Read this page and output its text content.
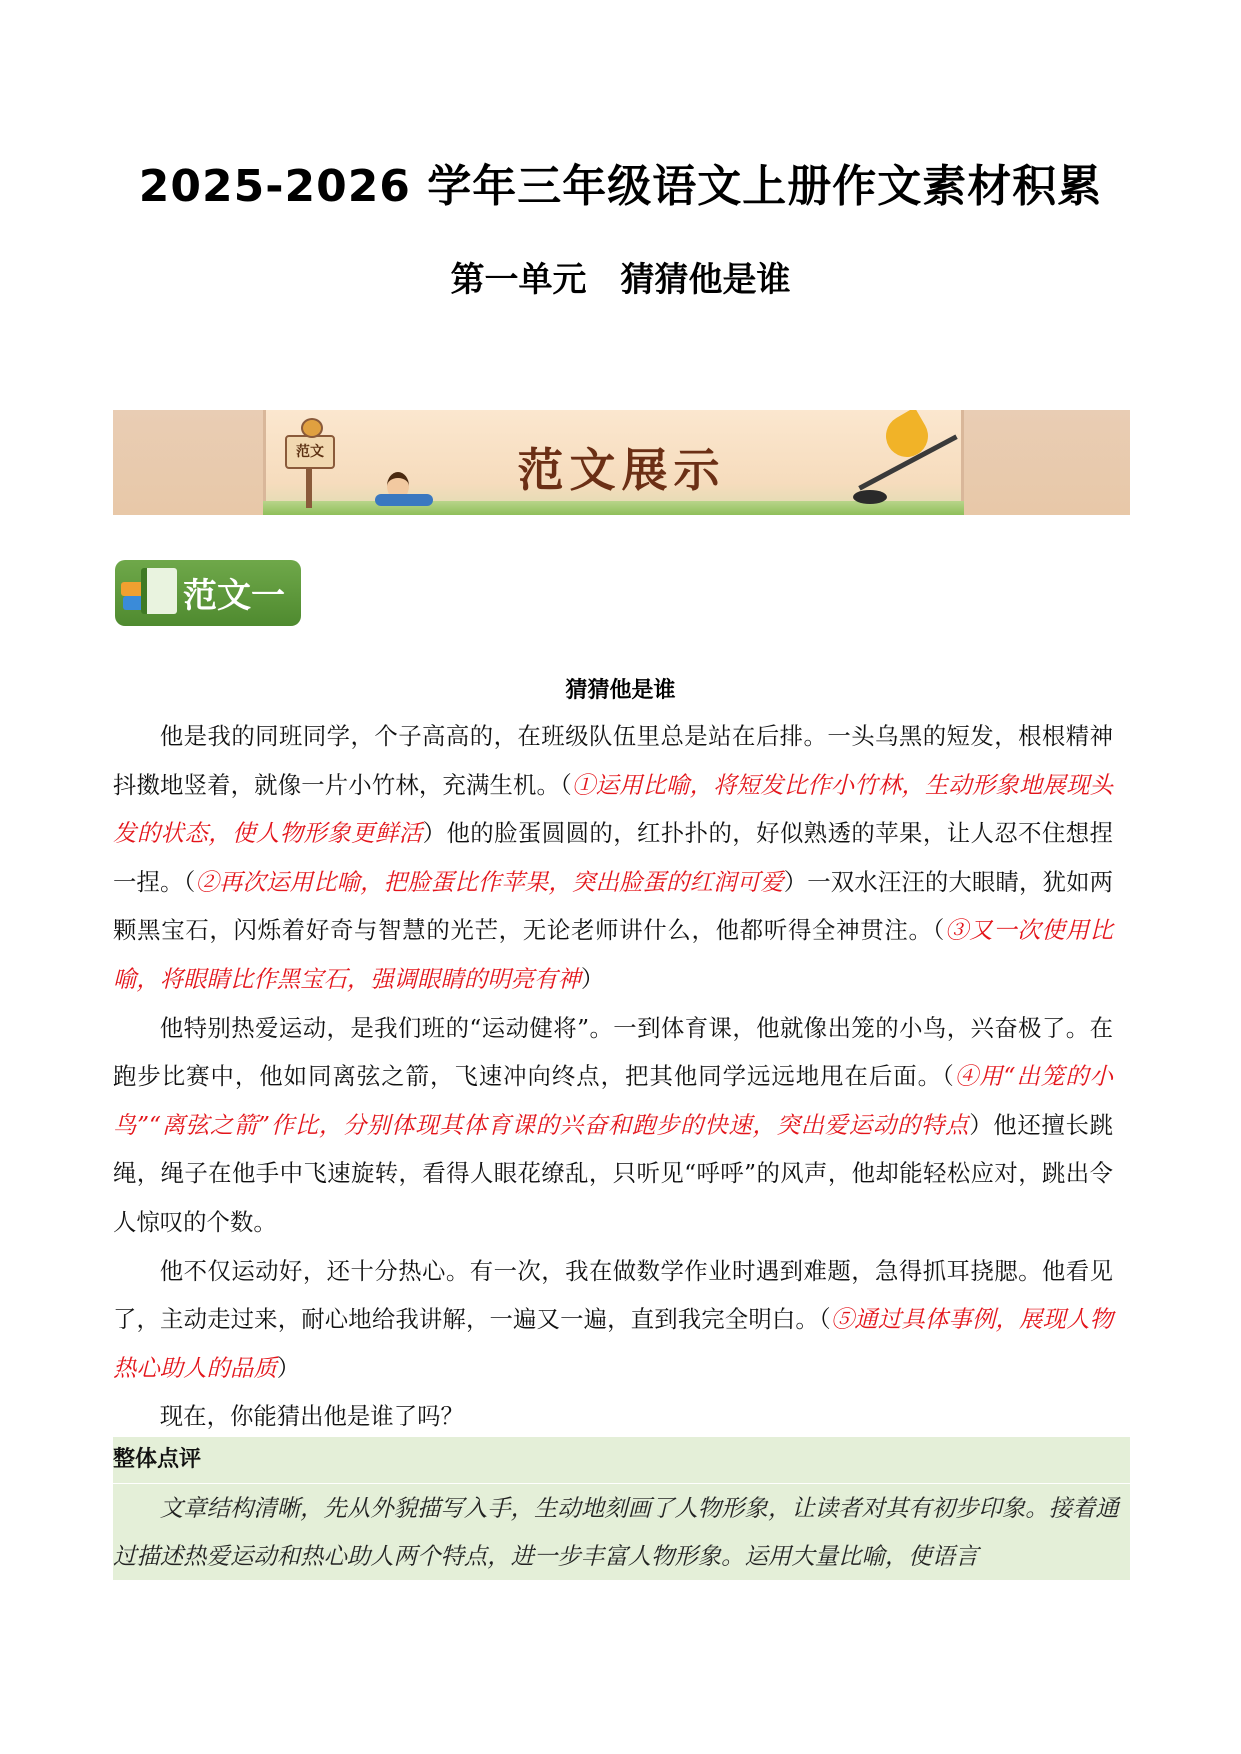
2025-2026 学年三年级语文上册作文素材积累
第一单元　猜猜他是谁
范文	范文展示
范文一
猜猜他是谁

他是我的同班同学，个子高高的，在班级队伍里总是站在后排。一头乌黑的短发，根根精神抖擞地竖着，就像一片小竹林，充满生机。（①运用比喻，将短发比作小竹林，生动形象地展现头发的状态，使人物形象更鲜活）他的脸蛋圆圆的，红扑扑的，好似熟透的苹果，让人忍不住想捏一捏。（②再次运用比喻，把脸蛋比作苹果，突出脸蛋的红润可爱）一双水汪汪的大眼睛，犹如两颗黑宝石，闪烁着好奇与智慧的光芒，无论老师讲什么，他都听得全神贯注。（③又一次使用比喻，将眼睛比作黑宝石，强调眼睛的明亮有神）

他特别热爱运动，是我们班的“运动健将”。一到体育课，他就像出笼的小鸟，兴奋极了。在跑步比赛中，他如同离弦之箭，飞速冲向终点，把其他同学远远地甩在后面。（④用“出笼的小鸟”“离弦之箭”作比，分别体现其体育课的兴奋和跑步的快速，突出爱运动的特点）他还擅长跳绳，绳子在他手中飞速旋转，看得人眼花缭乱，只听见“呼呼”的风声，他却能轻松应对，跳出令人惊叹的个数。

他不仅运动好，还十分热心。有一次，我在做数学作业时遇到难题，急得抓耳挠腮。他看见了，主动走过来，耐心地给我讲解，一遍又一遍，直到我完全明白。（⑤通过具体事例，展现人物热心助人的品质）

现在，你能猜出他是谁了吗？

整体点评

文章结构清晰，先从外貌描写入手，生动地刻画了人物形象，让读者对其有初步印象。接着通过描述热爱运动和热心助人两个特点，进一步丰富人物形象。运用大量比喻，使语言
